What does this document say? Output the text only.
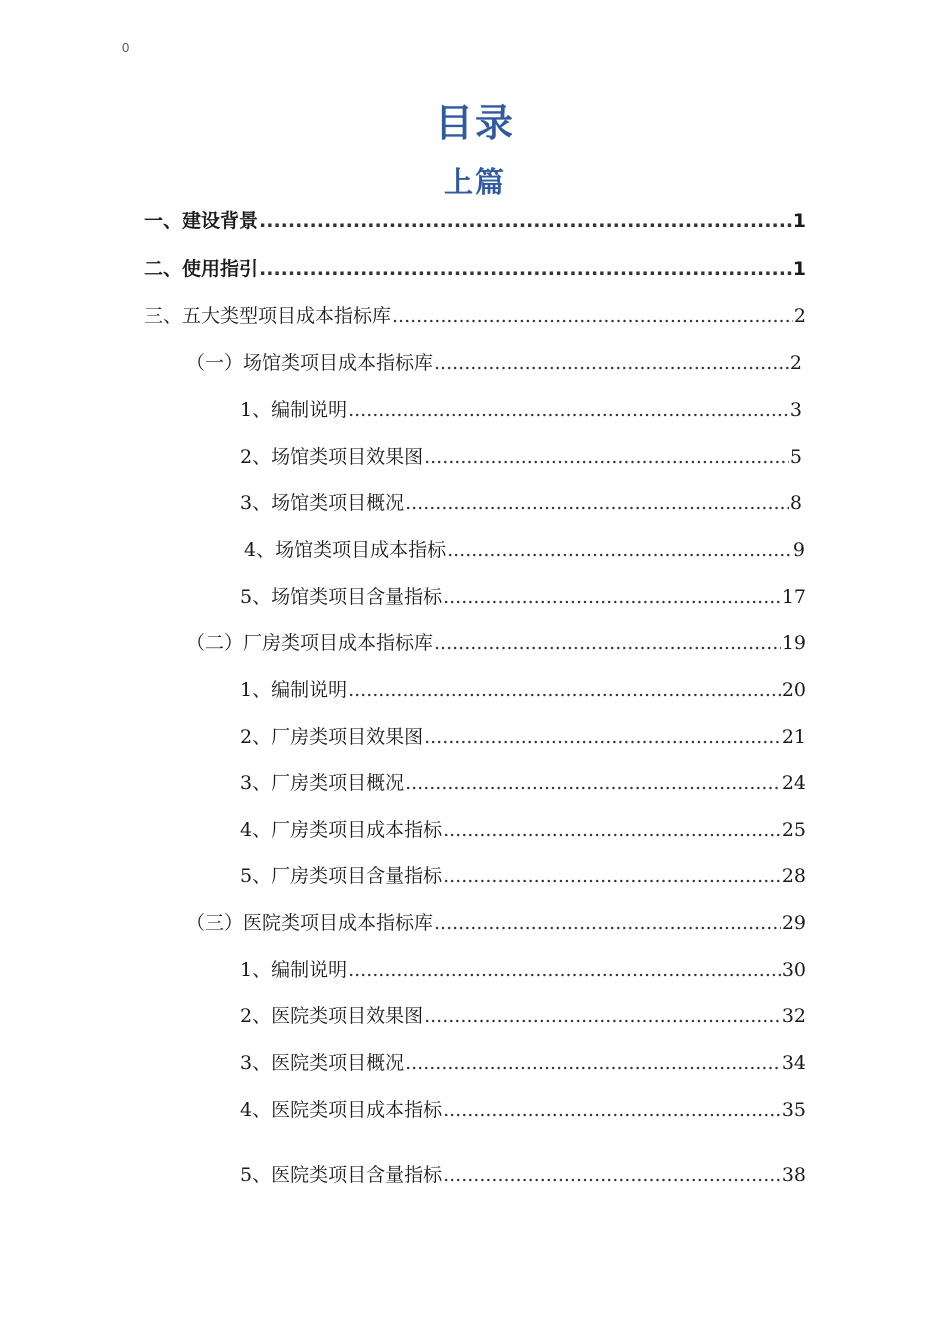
0
目录
上篇
一、建设背景 .....	1
二、使用指引 .....	1
三、五大类型项目成本指标库 .....	2
（一）场馆类项目成本指标库 .....	2
1、编制说明 .....	3
2、场馆类项目效果图 .....	5
3、场馆类项目概况 .....	8
4、场馆类项目成本指标 .....	9
5、场馆类项目含量指标 .....	17
（二）厂房类项目成本指标库 .....	19
1、编制说明 .....	20
2、厂房类项目效果图 .....	21
3、厂房类项目概况 .....	24
4、厂房类项目成本指标 .....	25
5、厂房类项目含量指标 .....	28
（三）医院类项目成本指标库 .....	29
1、编制说明 .....	30
2、医院类项目效果图 .....	32
3、医院类项目概况 .....	34
4、医院类项目成本指标 .....	35
5、医院类项目含量指标 .....	38
